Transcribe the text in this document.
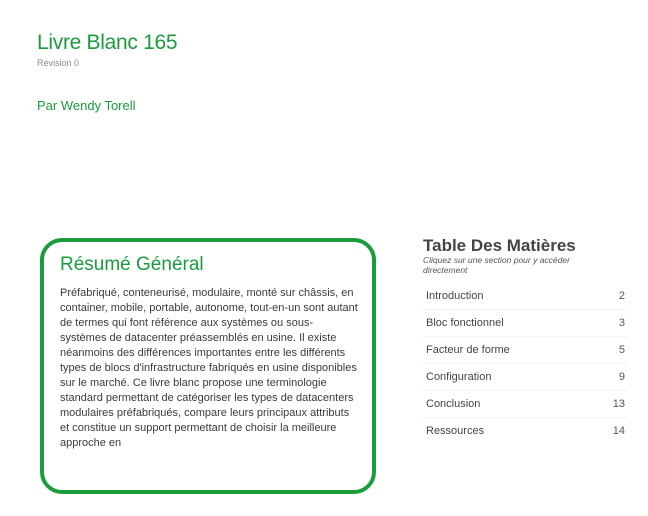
Livre Blanc 165
Révision 0
Par Wendy Torell
Résumé Général

Préfabriqué, conteneurisé, modulaire, monté sur châssis, en container, mobile, portable, autonome, tout-en-un sont autant de termes qui font référence aux systèmes ou sous-systèmes de datacenter préassemblés en usine. Il existe néanmoins des différences importantes entre les différents types de blocs d'infrastructure fabriqués en usine disponibles sur le marché. Ce livre blanc propose une terminologie standard permettant de catégoriser les types de datacenters modulaires préfabriqués, compare leurs principaux attributs et constitue un support permettant de choisir la meilleure approche en

Table Des Matières
Cliquez sur une section pour y accéder directement
Introduction	2
Bloc fonctionnel	3
Facteur de forme	5
Configuration	9
Conclusion	13
Ressources	14
